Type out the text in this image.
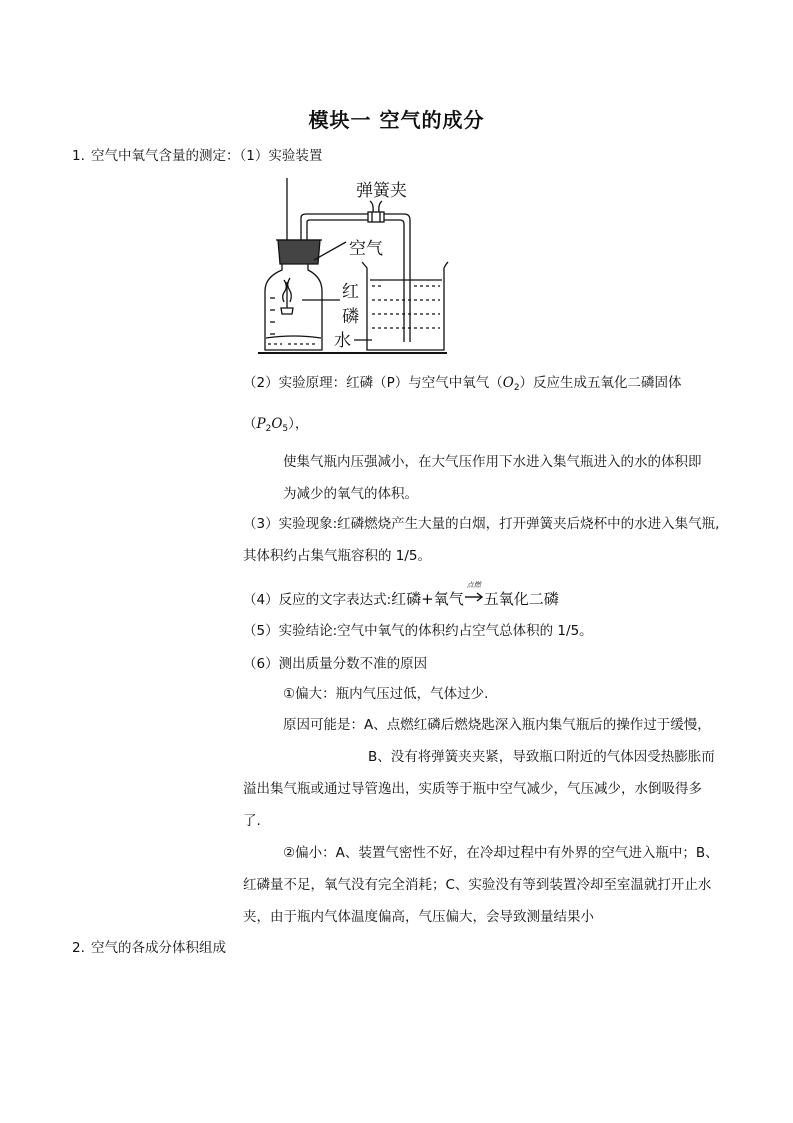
模块一 空气的成分
1. 空气中氧气含量的测定：（1）实验装置
弹簧夹
空气
红
磷
水
（2）实验原理：红磷（P）与空气中氧气$(O_2)$反应生成五氧化二磷固体
$(P_2O_5)$，
使集气瓶内压强减小，在大气压作用下水进入集气瓶进入的水的体积即
为减少的氧气的体积。
（3）实验现象:红磷燃烧产生大量的白烟，打开弹簧夹后烧杯中的水进入集气瓶,
其体积约占集气瓶容积的 1/5。
（4）反应的文字表达式:红磷+氧气
点燃
五氧化二磷
（5）实验结论:空气中氧气的体积约占空气总体积的 1/5。
（6）测出质量分数不准的原因
①偏大：瓶内气压过低，气体过少.
原因可能是：A、点燃红磷后燃烧匙深入瓶内集气瓶后的操作过于缓慢，
B、没有将弹簧夹夹紧，导致瓶口附近的气体因受热膨胀而
溢出集气瓶或通过导管逸出，实质等于瓶中空气减少，气压减少，水倒吸得多
了.
②偏小：A、装置气密性不好，在冷却过程中有外界的空气进入瓶中；B、
红磷量不足，氧气没有完全消耗；C、实验没有等到装置冷却至室温就打开止水
夹，由于瓶内气体温度偏高，气压偏大，会导致测量结果小
2. 空气的各成分体积组成
